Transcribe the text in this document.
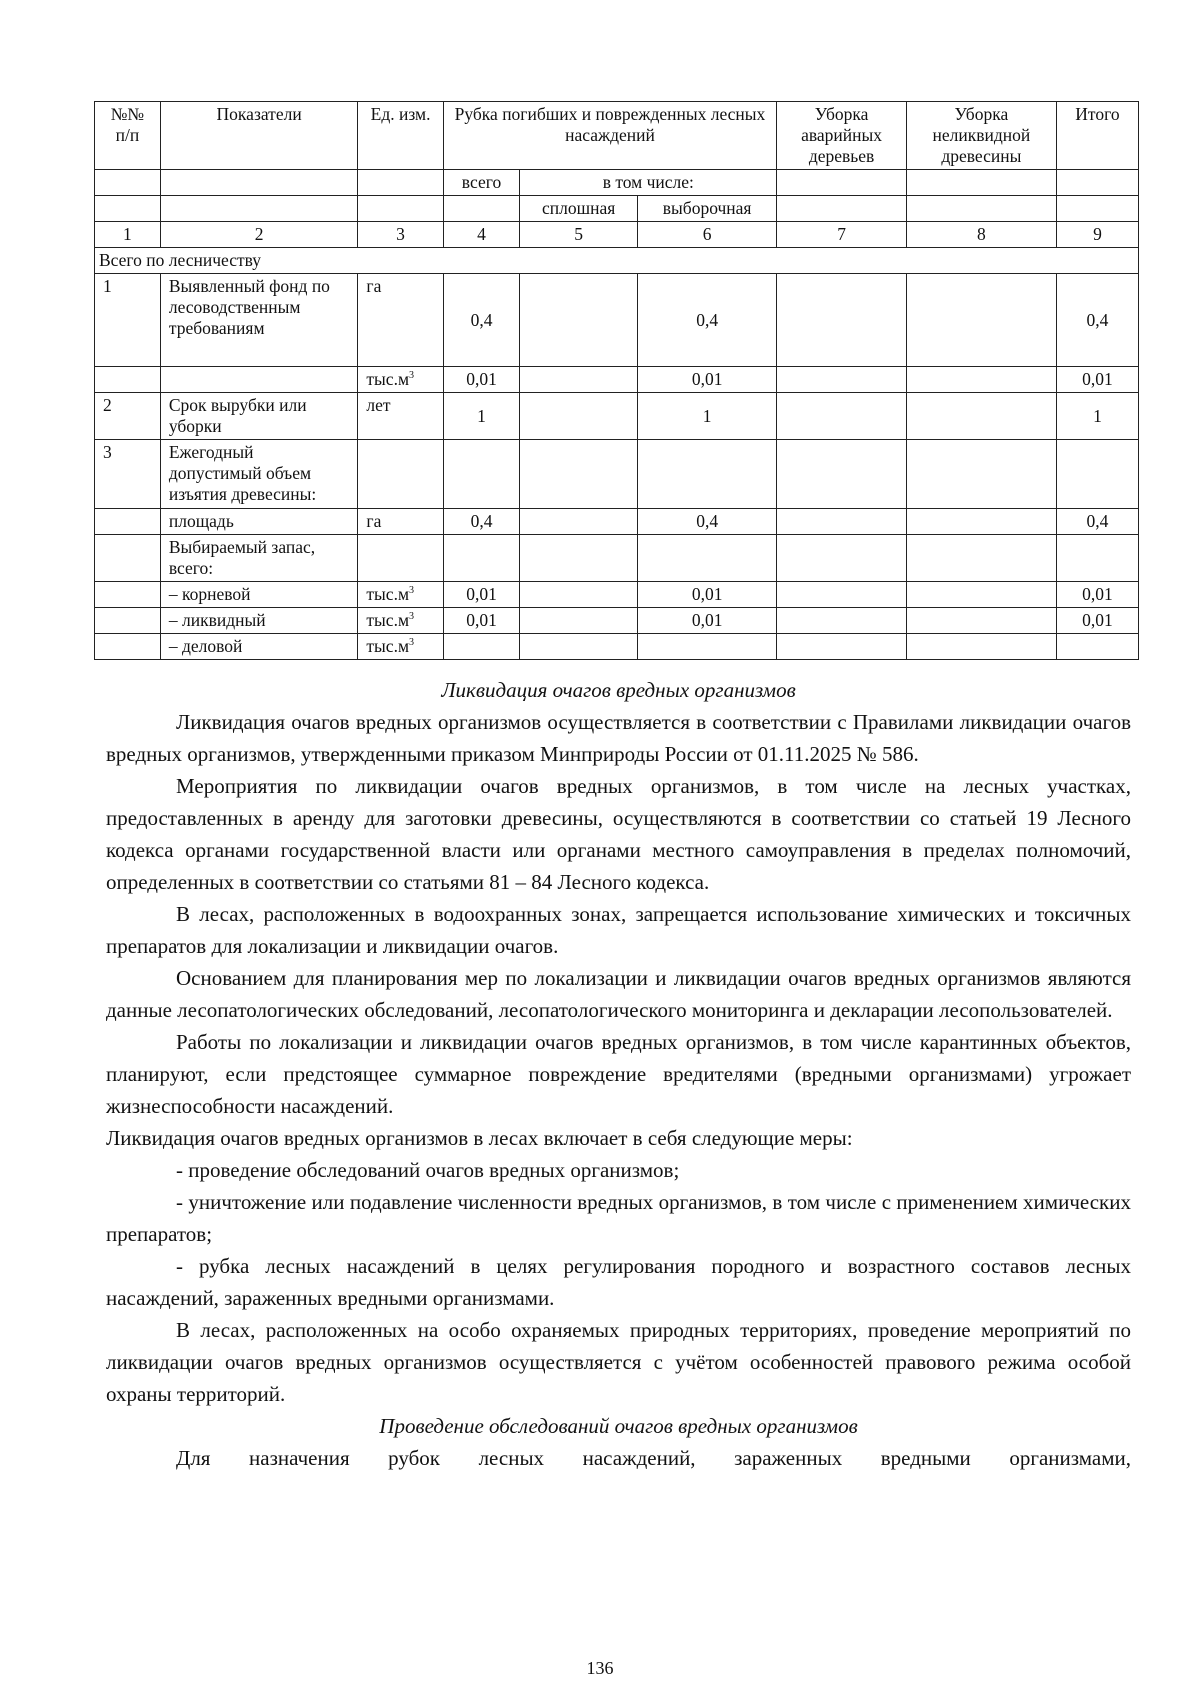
№№ п/п	Показатели	Ед. изм.	Рубка погибших и поврежденных лесных насаждений			Уборка аварийных деревьев	Уборка неликвидной древесины	Итого
			всего	в том числе:				
				сплошная	выборочная			
1	2	3	4	5	6	7	8	9
Всего по лесничеству								
1	Выявленный фонд по лесоводственным требованиям	га	0,4		0,4			0,4
		$тыс.м^3$	0,01		0,01			0,01
2	Срок вырубки или уборки	лет	1		1			1
3	Ежегодный допустимый объем изъятия древесины:							
	площадь	га	0,4		0,4			0,4
	Выбираемый запас, всего:							
	– корневой	$тыс.м^3$	0,01		0,01			0,01
	– ликвидный	$тыс.м^3$	0,01		0,01			0,01
	– деловой	$тыс.м^3$						

Ликвидация очагов вредных организмов

Ликвидация очагов вредных организмов осуществляется в соответствии с Правилами ликвидации очагов вредных организмов, утвержденными приказом Минприроды России от 01.11.2025 № 586.

Мероприятия по ликвидации очагов вредных организмов, в том числе на лесных участках, предоставленных в аренду для заготовки древесины, осуществляются в соответствии со статьей 19 Лесного кодекса органами государственной власти или органами местного самоуправления в пределах полномочий, определенных в соответствии со статьями 81 – 84 Лесного кодекса.

В лесах, расположенных в водоохранных зонах, запрещается использование химических и токсичных препаратов для локализации и ликвидации очагов.

Основанием для планирования мер по локализации и ликвидации очагов вредных организмов являются данные лесопатологических обследований, лесопатологического мониторинга и декларации лесопользователей.

Работы по локализации и ликвидации очагов вредных организмов, в том числе карантинных объектов, планируют, если предстоящее суммарное повреждение вредителями (вредными организмами) угрожает жизнеспособности насаждений.

Ликвидация очагов вредных организмов в лесах включает в себя следующие меры:

- проведение обследований очагов вредных организмов;

- уничтожение или подавление численности вредных организмов, в том числе с применением химических препаратов;

- рубка лесных насаждений в целях регулирования породного и возрастного составов лесных насаждений, зараженных вредными организмами.

В лесах, расположенных на особо охраняемых природных территориях, проведение мероприятий по ликвидации очагов вредных организмов осуществляется с учётом особенностей правового режима особой охраны территорий.

Проведение обследований очагов вредных организмов

Для назначения рубок лесных насаждений, зараженных вредными организмами,

136
